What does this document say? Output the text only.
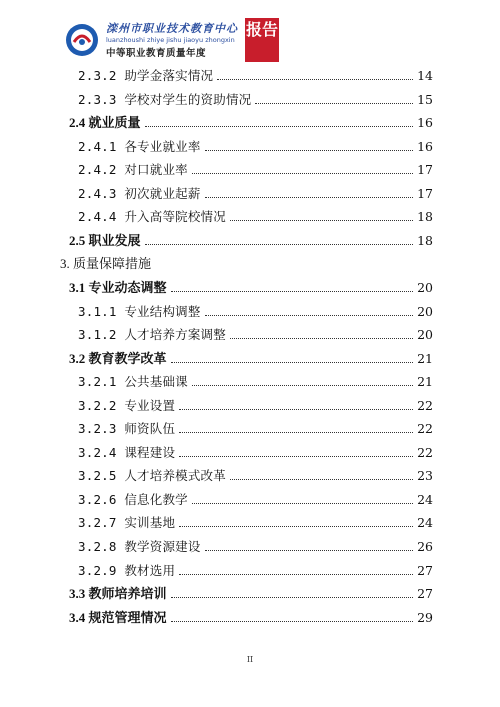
滦州市职业技术教育中心
luanzhoushi zhiye jishu jiaoyu zhongxin
中等职业教育质量年度
报告
2.3.2 助学金落实情况	14
2.3.3 学校对学生的资助情况	15
2.4 就业质量	16
2.4.1 各专业就业率	16
2.4.2 对口就业率	17
2.4.3 初次就业起薪	17
2.4.4 升入高等院校情况	18
2.5 职业发展	18
3. 质量保障措施
3.1 专业动态调整	20
3.1.1 专业结构调整	20
3.1.2 人才培养方案调整	20
3.2 教育教学改革	21
3.2.1 公共基础课	21
3.2.2 专业设置	22
3.2.3 师资队伍	22
3.2.4 课程建设	22
3.2.5 人才培养模式改革	23
3.2.6 信息化教学	24
3.2.7 实训基地	24
3.2.8 教学资源建设	26
3.2.9 教材选用	27
3.3 教师培养培训	27
3.4 规范管理情况	29
II
